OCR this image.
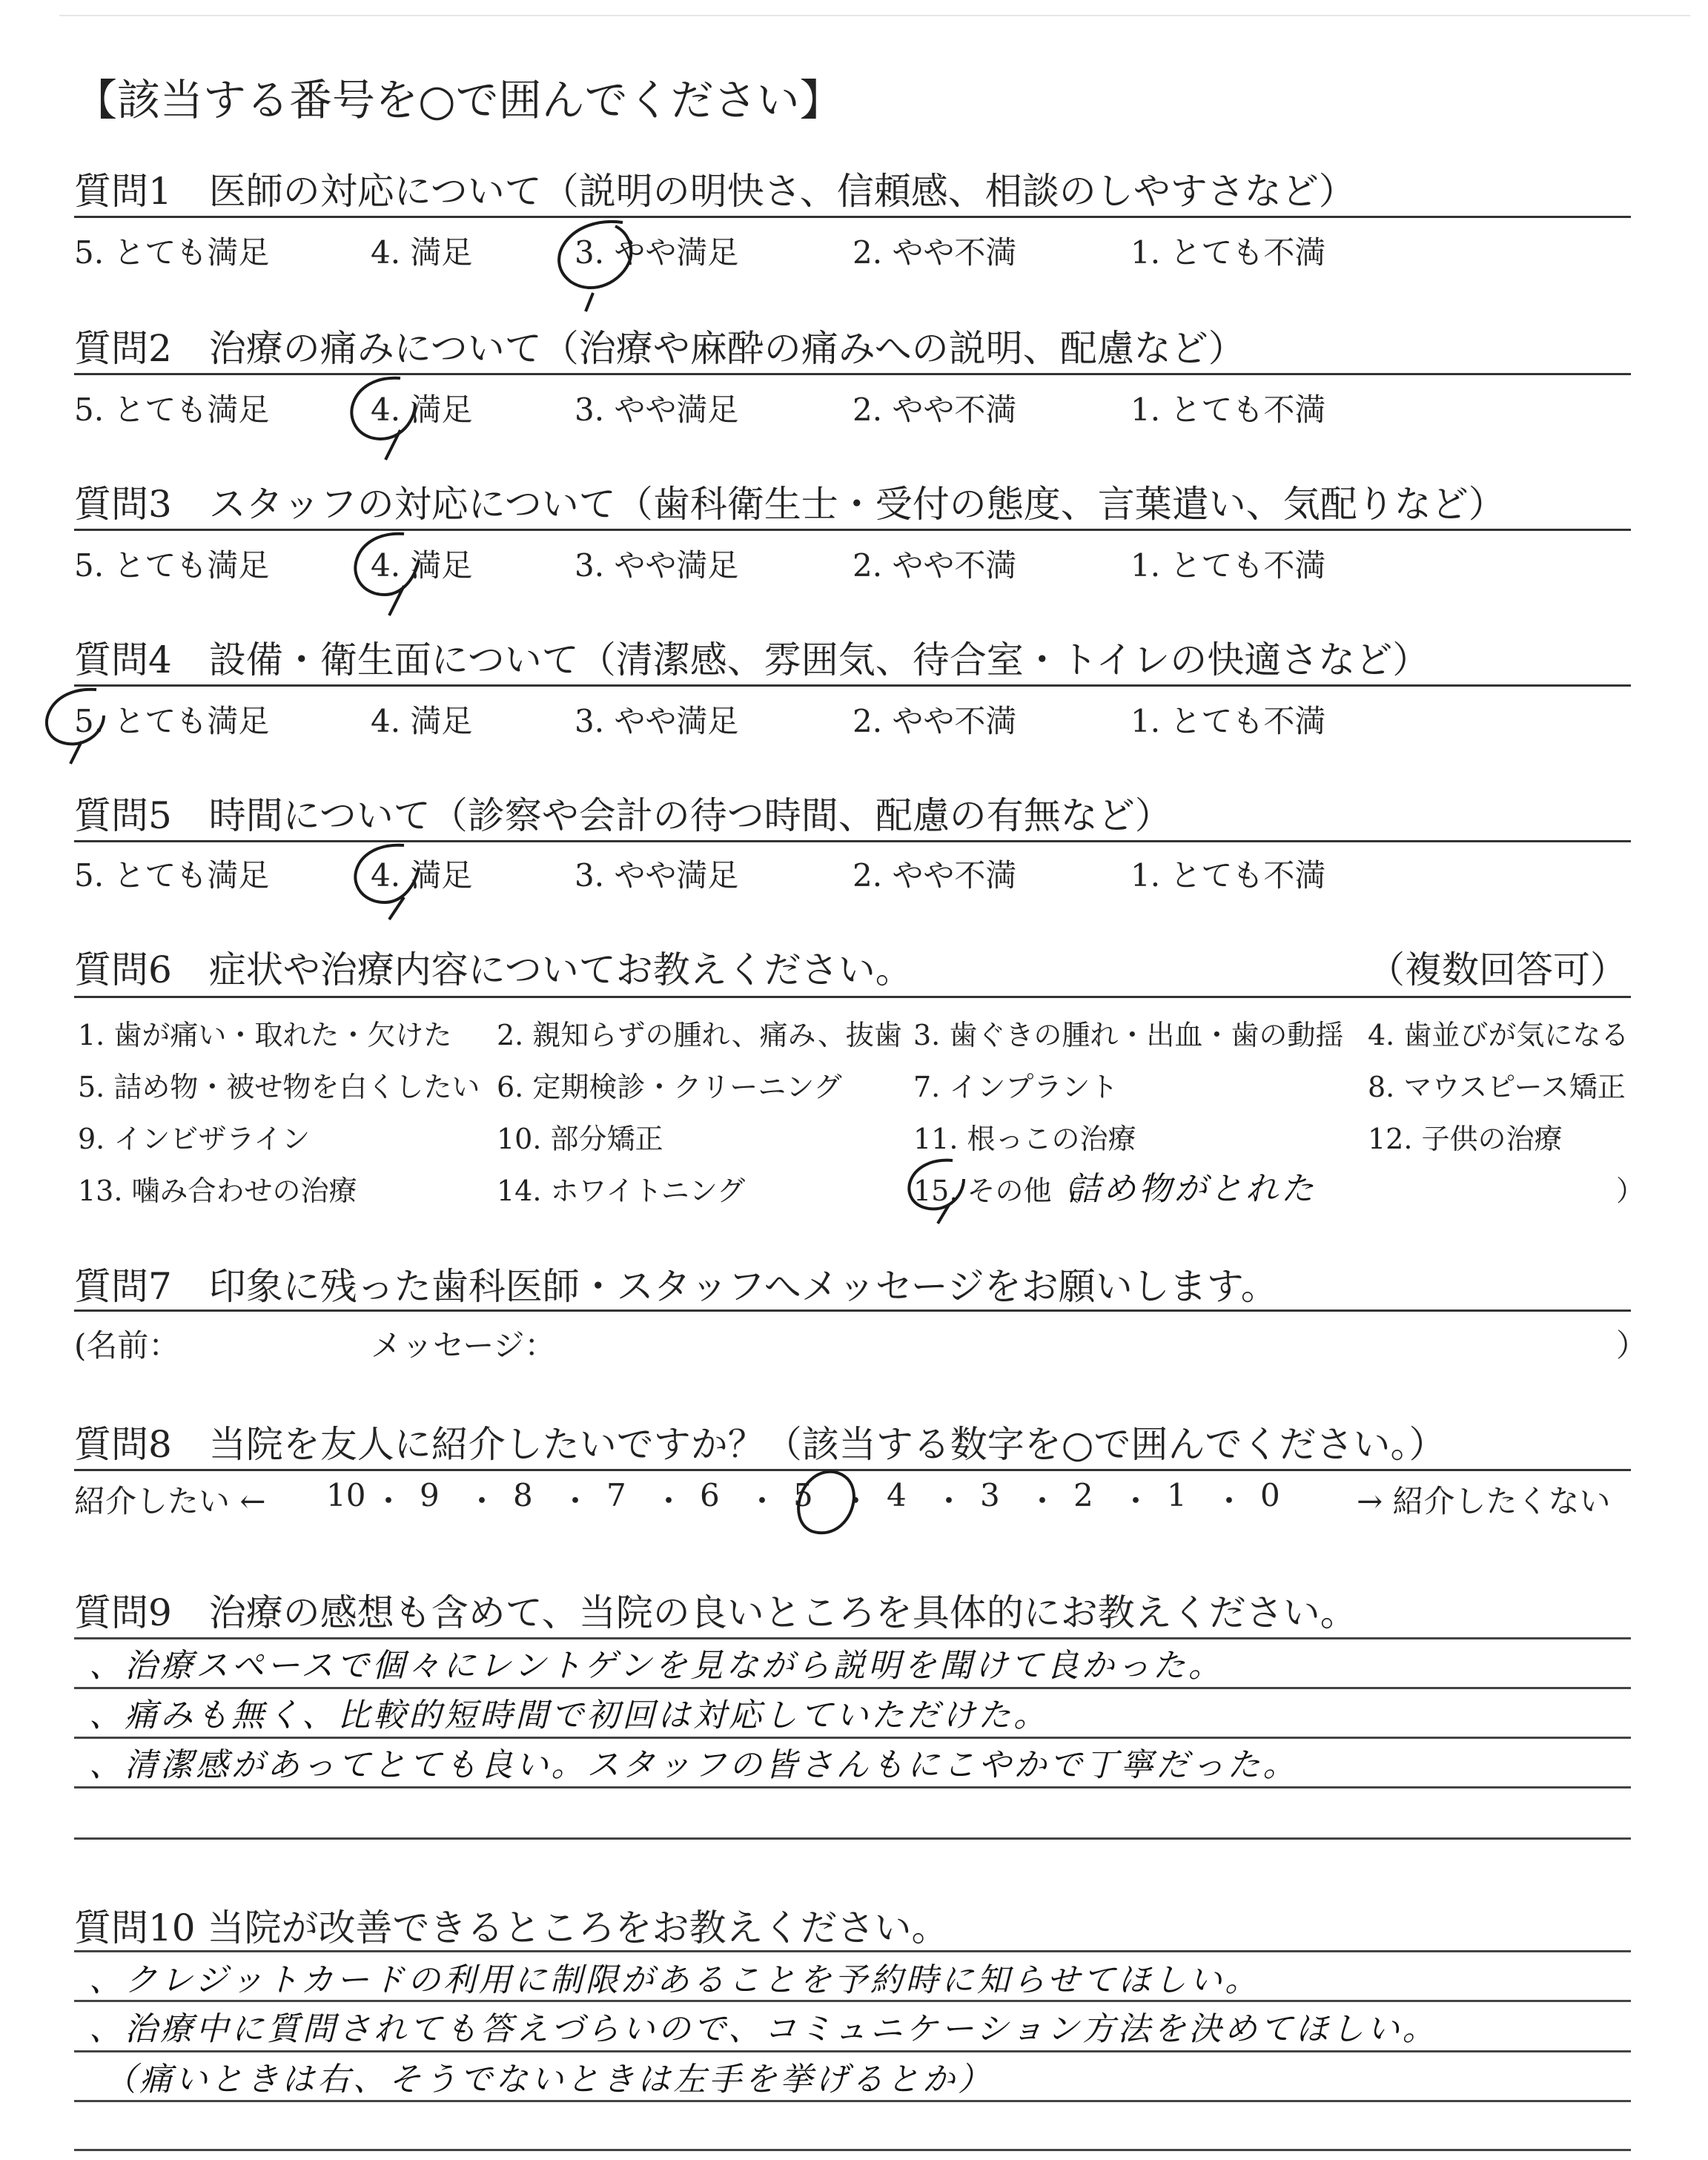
【該当する番号を○で囲んでください】
質問1　医師の対応について（説明の明快さ、信頼感、相談のしやすさなど）
5. とても満足	4. 満足	3. やや満足	2. やや不満	1. とても不満
質問2　治療の痛みについて（治療や麻酔の痛みへの説明、配慮など）
5. とても満足	4. 満足	3. やや満足	2. やや不満	1. とても不満
質問3　スタッフの対応について（歯科衛生士・受付の態度、言葉遣い、気配りなど）
5. とても満足	4. 満足	3. やや満足	2. やや不満	1. とても不満
質問4　設備・衛生面について（清潔感、雰囲気、待合室・トイレの快適さなど）
5. とても満足	4. 満足	3. やや満足	2. やや不満	1. とても不満
質問5　時間について（診察や会計の待つ時間、配慮の有無など）
5. とても満足	4. 満足	3. やや満足	2. やや不満	1. とても不満
質問6　症状や治療内容についてお教えください。	（複数回答可）
1. 歯が痛い・取れた・欠けた 2. 親知らずの腫れ、痛み、抜歯 3. 歯ぐきの腫れ・出血・歯の動揺 4. 歯並びが気になる
5. 詰め物・被せ物を白くしたい 6. 定期検診・クリーニング	7. インプラント	8. マウスピース矯正
9. インビザライン	10. 部分矯正	11. 根っこの治療	12. 子供の治療
13. 噛み合わせの治療	14. ホワイトニング	15. その他（
詰め物がとれた	）
質問7　印象に残った歯科医師・スタッフへメッセージをお願いします。
(名前：	メッセージ：	）
質問8　当院を友人に紹介したいですか？（該当する数字を○で囲んでください。）
紹介したい ← 10 ・ 9 ・ 8 ・ 7 ・ 6 ・ 5 ・ 4 ・ 3 ・ 2 ・ 1 ・ 0 → 紹介したくない
質問9　治療の感想も含めて、当院の良いところを具体的にお教えください。
、治療スペースで個々にレントゲンを見ながら説明を聞けて良かった。
、痛みも無く、比較的短時間で初回は対応していただけた。
、清潔感があってとても良い。スタッフの皆さんもにこやかで丁寧だった。
質問10 当院が改善できるところをお教えください。
、クレジットカードの利用に制限があることを予約時に知らせてほしい。
、治療中に質問されても答えづらいので、コミュニケーション方法を決めてほしい。
（痛いときは右、そうでないときは左手を挙げるとか）
